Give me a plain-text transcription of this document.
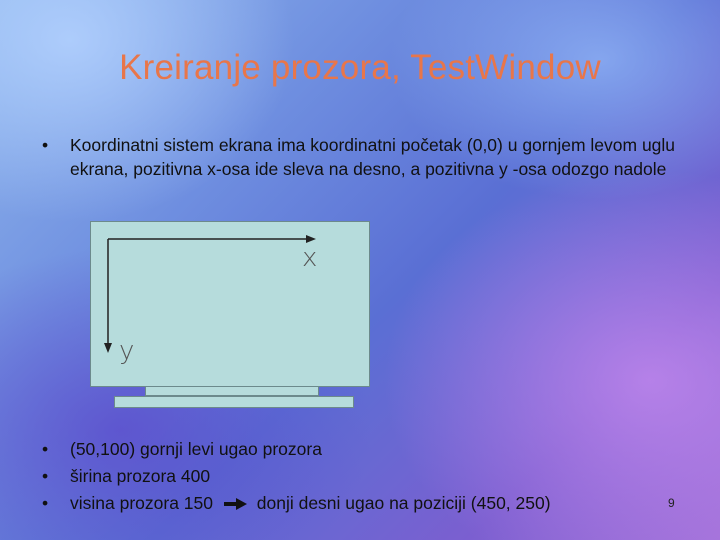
Kreiranje prozora, TestWindow
• Koordinatni sistem ekrana ima koordinatni početak (0,0) u gornjem levom uglu ekrana, pozitivna x-osa ide sleva na desno, a pozitivna y -osa odozgo nadole
x
y
• (50,100) gornji levi ugao prozora
• širina prozora 400
• visina prozora 150	donji desni ugao na poziciji (450, 250)	9
